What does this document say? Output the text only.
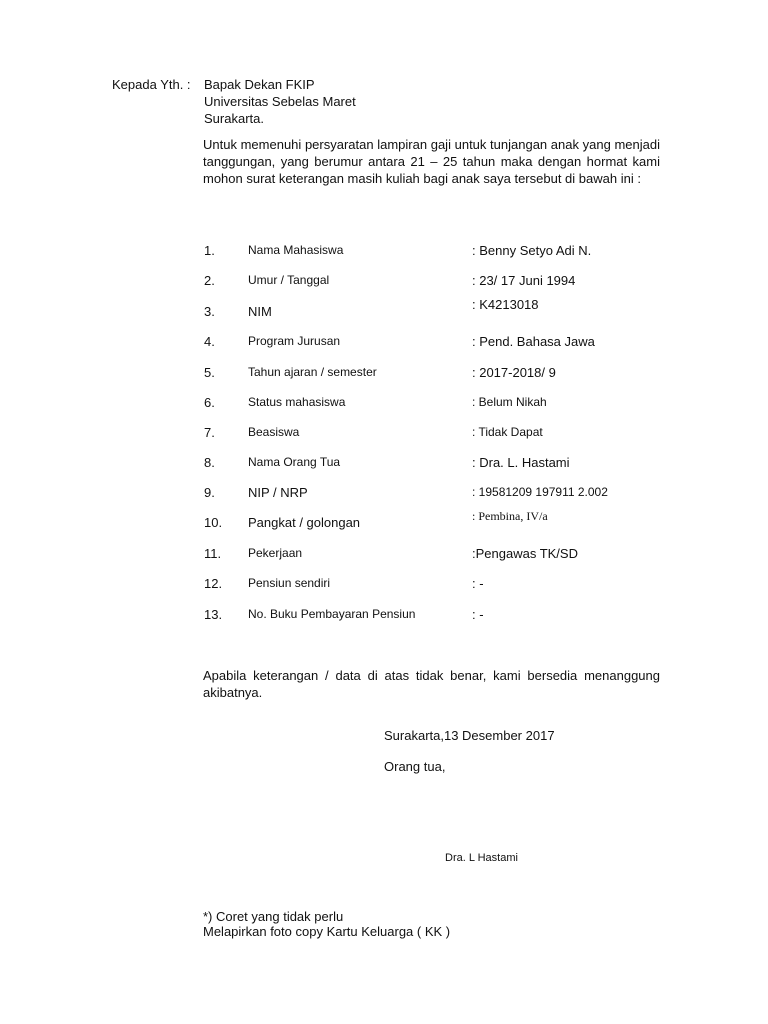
Kepada Yth. : Bapak Dekan FKIP
Universitas Sebelas Maret
Surakarta.
Untuk memenuhi persyaratan lampiran gaji untuk tunjangan anak yang menjadi tanggungan, yang berumur antara 21 – 25 tahun maka dengan hormat kami mohon surat keterangan masih kuliah bagi anak saya tersebut di bawah ini :
1.	Nama Mahasiswa	: Benny Setyo Adi N.
2.	Umur / Tanggal	: 23/ 17 Juni 1994
3.	NIM	: K4213018
4.	Program Jurusan	: Pend. Bahasa Jawa
5.	Tahun ajaran / semester	: 2017-2018/ 9
6.	Status mahasiswa	: Belum Nikah
7.	Beasiswa	: Tidak Dapat
8.	Nama Orang Tua	: Dra. L. Hastami
9.	NIP / NRP	: 19581209 197911 2.002
10. Pangkat / golongan	: Pembina, IV/a
11. Pekerjaan	:Pengawas TK/SD
12. Pensiun sendiri	: -
13. No. Buku Pembayaran Pensiun	: -
Apabila keterangan / data di atas tidak benar, kami bersedia menanggung akibatnya.
Surakarta,13 Desember 2017
Orang tua,
Dra. L Hastami
*) Coret yang tidak perlu
Melapirkan foto copy Kartu Keluarga ( KK )
